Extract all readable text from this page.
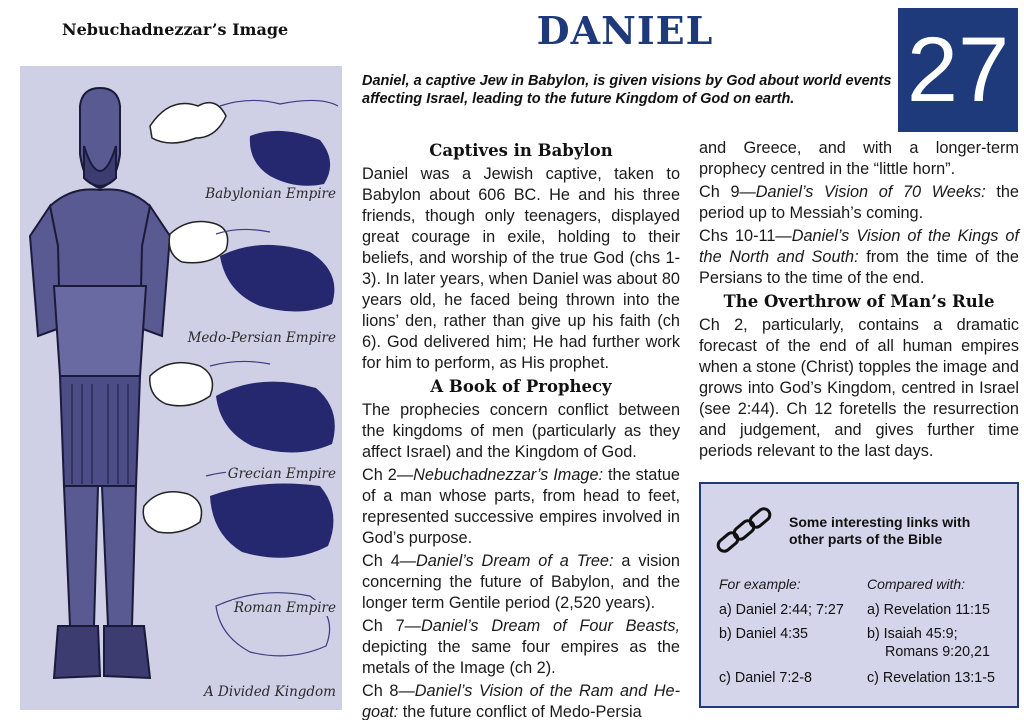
Nebuchadnezzar’s Image	DANIEL	27
Daniel, a captive Jew in Babylon, is given visions by God about world events affecting Israel, leading to the future Kingdom of God on earth.
Babylonian Empire
Medo-Persian Empire
Grecian Empire
Roman Empire
A Divided Kingdom
Captives in Babylon

Daniel was a Jewish captive, taken to Babylon about 606 BC. He and his three friends, though only teenagers, displayed great courage in exile, holding to their beliefs, and worship of the true God (chs 1-3). In later years, when Daniel was about 80 years old, he faced being thrown into the lions’ den, rather than give up his faith (ch 6). God delivered him; He had further work for him to perform, as His prophet.

A Book of Prophecy

The prophecies concern conflict between the kingdoms of men (particularly as they affect Israel) and the Kingdom of God.

Ch 2—Nebuchadnezzar’s Image: the statue of a man whose parts, from head to feet, represented successive empires involved in God’s purpose.

Ch 4—Daniel’s Dream of a Tree: a vision concerning the future of Babylon, and the longer term Gentile period (2,520 years).

Ch 7—Daniel’s Dream of Four Beasts, depicting the same four empires as the metals of the Image (ch 2).

Ch 8—Daniel’s Vision of the Ram and He-goat: the future conflict of Medo-Persia

and Greece, and with a longer-term prophecy centred in the “little horn”.

Ch 9—Daniel’s Vision of 70 Weeks: the period up to Messiah’s coming.

Chs 10-11—Daniel’s Vision of the Kings of the North and South: from the time of the Persians to the time of the end.

The Overthrow of Man’s Rule

Ch 2, particularly, contains a dramatic forecast of the end of all human empires when a stone (Christ) topples the image and grows into God’s Kingdom, centred in Israel (see 2:44). Ch 12 foretells the resurrection and judgement, and gives further time periods relevant to the last days.

Some interesting links with other parts of the Bible
For example:	Compared with:
a) Daniel 2:44; 7:27 a) Revelation 11:15
b) Daniel 4:35	b) Isaiah 45:9;
Romans 9:20,21
c) Daniel 7:2-8	c) Revelation 13:1-5
